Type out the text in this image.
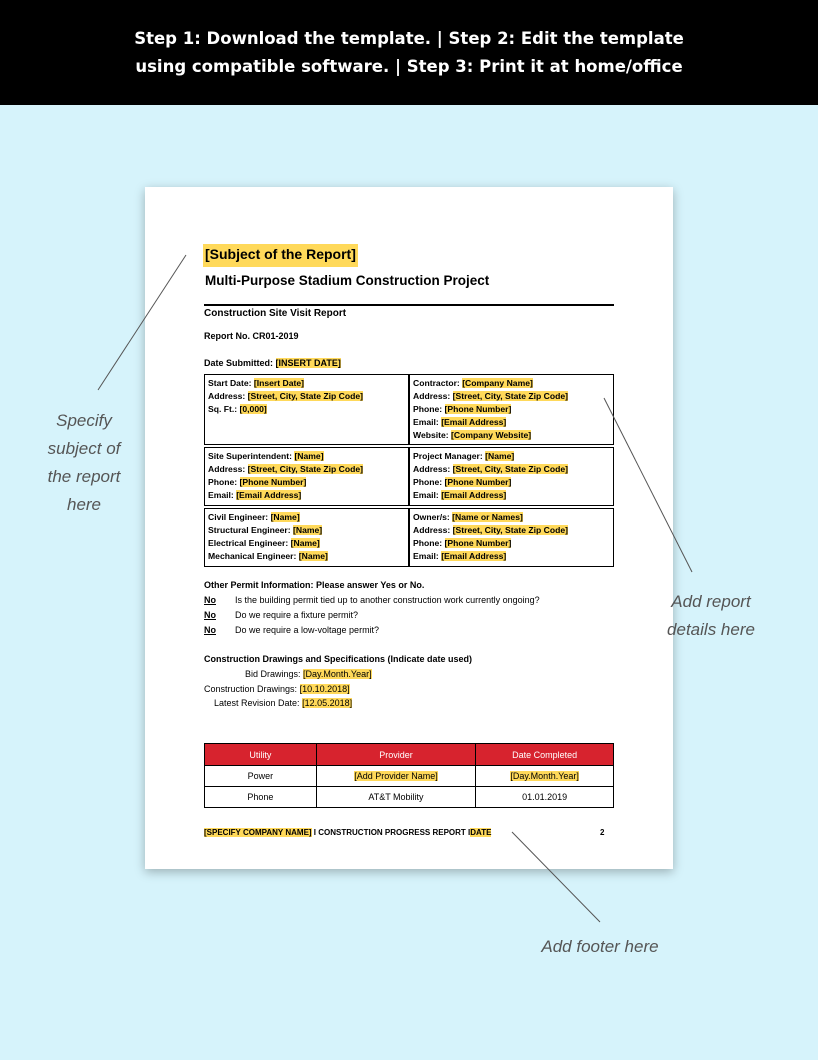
Step 1: Download the template. | Step 2: Edit the template
using compatible software. | Step 3: Print it at home/office
[Subject of the Report]
Multi-Purpose Stadium Construction Project
Construction Site Visit Report
Report No. CR01-2019
Date Submitted: [INSERT DATE]
Start Date: [Insert Date]
Address: [Street, City, State Zip Code]
Sq. Ft.: [0,000]
Contractor: [Company Name]
Address: [Street, City, State Zip Code]
Phone: [Phone Number]
Email: [Email Address]
Website: [Company Website]
Site Superintendent: [Name]
Address: [Street, City, State Zip Code]
Phone: [Phone Number]
Email: [Email Address]
Project Manager: [Name]
Address: [Street, City, State Zip Code]
Phone: [Phone Number]
Email: [Email Address]
Civil Engineer: [Name]
Structural Engineer: [Name]
Electrical Engineer: [Name]
Mechanical Engineer: [Name]
Owner/s: [Name or Names]
Address: [Street, City, State Zip Code]
Phone: [Phone Number]
Email: [Email Address]
Other Permit Information: Please answer Yes or No.
No Is the building permit tied up to another construction work currently ongoing?
No Do we require a fixture permit?
No Do we require a low-voltage permit?
Construction Drawings and Specifications (Indicate date used)
Bid Drawings: [Day.Month.Year]
Construction Drawings: [10.10.2018]
Latest Revision Date: [12.05.2018]
Utility	Provider	Date Completed
Power	[Add Provider Name]	[Day.Month.Year]
Phone	AT&T Mobility	01.01.2019
[SPECIFY COMPANY NAME] I CONSTRUCTION PROGRESS REPORT IDATE	2
Specify
subject of
the report
here
Add report
details here
Add footer here
